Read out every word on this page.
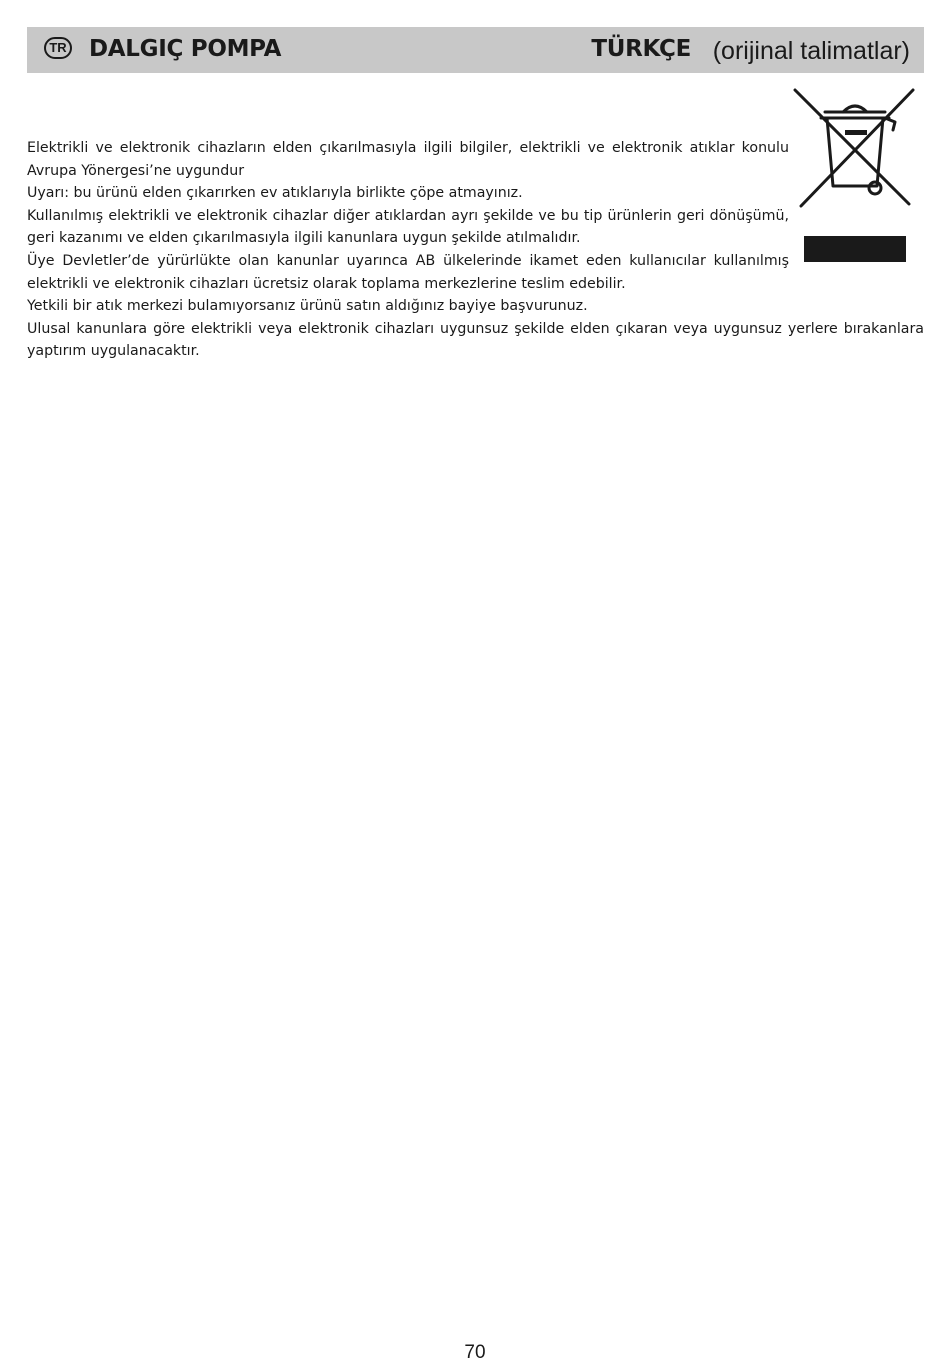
TR DALGIÇ POMPA	TÜRKÇE (orijinal talimatlar)

Elektrikli ve elektronik cihazların elden çıkarılmasıyla ilgili bilgiler, elektrikli ve elektronik atıklar konulu Avrupa Yönergesi’ne uygundur

Uyarı: bu ürünü elden çıkarırken ev atıklarıyla birlikte çöpe atmayınız.

Kullanılmış elektrikli ve elektronik cihazlar diğer atıklardan ayrı şekilde ve bu tip ürünlerin geri dönüşümü, geri kazanımı ve elden çıkarılmasıyla ilgili kanunlara uygun şekilde atılmalıdır.

Üye Devletler’de yürürlükte olan kanunlar uyarınca AB ülkelerinde ikamet eden kullanıcılar kullanılmış elektrikli ve elektronik cihazları ücretsiz olarak toplama merkezlerine teslim edebilir.

Yetkili bir atık merkezi bulamıyorsanız ürünü satın aldığınız bayiye başvurunuz.

Ulusal kanunlara göre elektrikli veya elektronik cihazları uygunsuz şekilde elden çıkaran veya uygunsuz yerlere bırakanlara yaptırım uygulanacaktır.

70
